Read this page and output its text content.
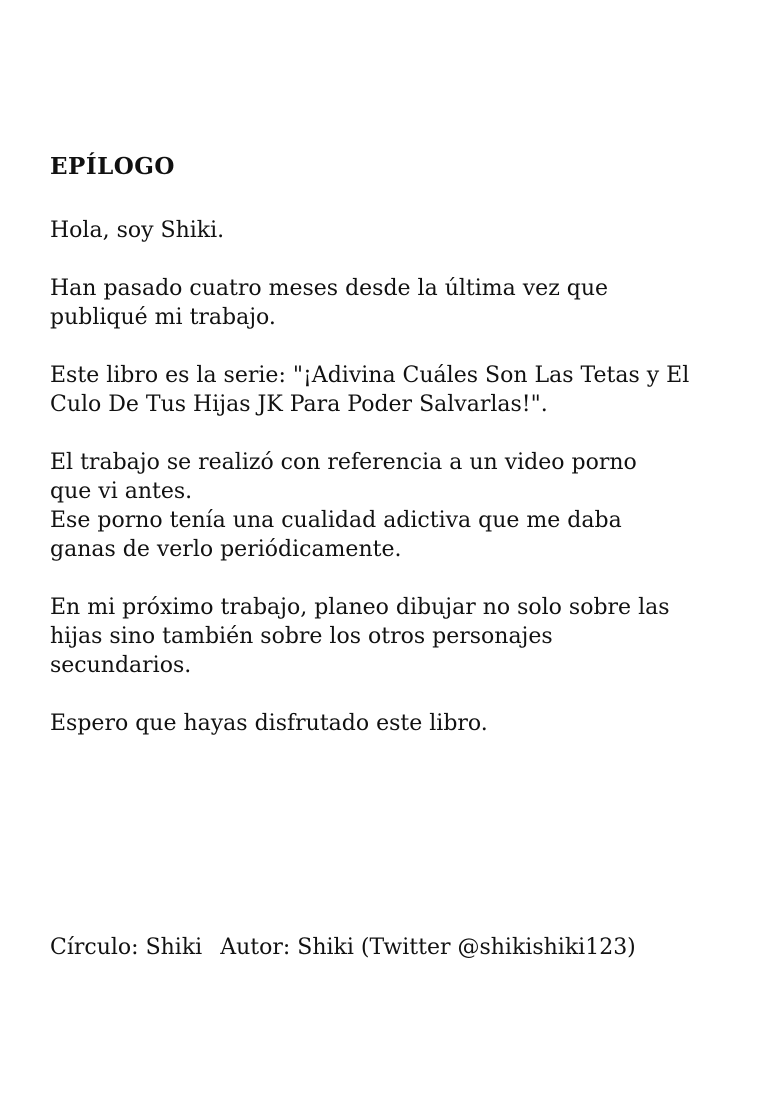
EPÍLOGO

Hola, soy Shiki.

Han pasado cuatro meses desde la última vez que
publiqué mi trabajo.

Este libro es la serie: "¡Adivina Cuáles Son Las Tetas y El
Culo De Tus Hijas JK Para Poder Salvarlas!".

El trabajo se realizó con referencia a un video porno
que vi antes.
Ese porno tenía una cualidad adictiva que me daba
ganas de verlo periódicamente.

En mi próximo trabajo, planeo dibujar no solo sobre las
hijas sino también sobre los otros personajes
secundarios.

Espero que hayas disfrutado este libro.

Círculo: Shiki Autor: Shiki (Twitter @shikishiki123)
